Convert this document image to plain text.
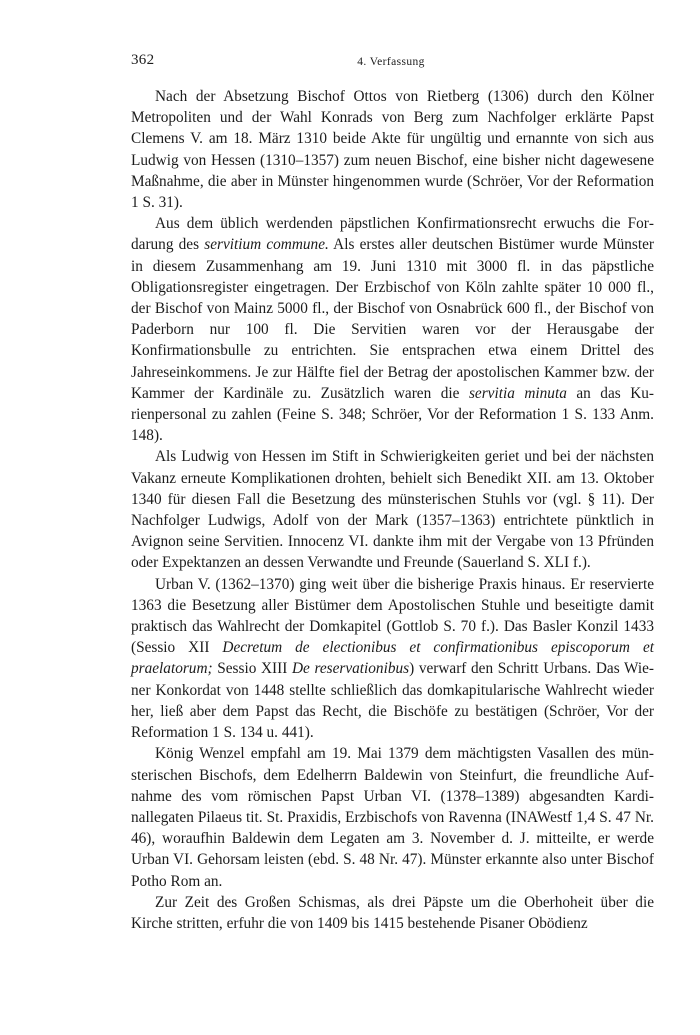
362	4. Verfassung

Nach der Absetzung Bischof Ottos von Rietberg (1306) durch den Kölner Metropoliten und der Wahl Konrads von Berg zum Nachfolger erklärte Papst Clemens V. am 18. März 1310 beide Akte für ungültig und ernannte von sich aus Ludwig von Hessen (1310–1357) zum neuen Bischof, eine bisher nicht dagewesene Maßnahme, die aber in Münster hingenommen wurde (Schröer, Vor der Reformation 1 S. 31).

Aus dem üblich werdenden päpstlichen Konfirmationsrecht erwuchs die Fordarung des servitium commune. Als erstes aller deutschen Bistümer wurde Münster in diesem Zusammenhang am 19. Juni 1310 mit 3000 fl. in das päpstliche Obligationsregister eingetragen. Der Erzbischof von Köln zahlte später 10 000 fl., der Bischof von Mainz 5000 fl., der Bischof von Osnabrück 600 fl., der Bischof von Paderborn nur 100 fl. Die Servitien waren vor der Herausgabe der Konfirmationsbulle zu entrichten. Sie entsprachen etwa einem Drittel des Jahreseinkommens. Je zur Hälfte fiel der Betrag der apostolischen Kammer bzw. der Kammer der Kardinäle zu. Zusätzlich waren die servitia minuta an das Kurienpersonal zu zahlen (Feine S. 348; Schröer, Vor der Reformation 1 S. 133 Anm. 148).

Als Ludwig von Hessen im Stift in Schwierigkeiten geriet und bei der nächsten Vakanz erneute Komplikationen drohten, behielt sich Benedikt XII. am 13. Oktober 1340 für diesen Fall die Besetzung des münsterischen Stuhls vor (vgl. § 11). Der Nachfolger Ludwigs, Adolf von der Mark (1357–1363) entrichtete pünktlich in Avignon seine Servitien. Innocenz VI. dankte ihm mit der Vergabe von 13 Pfründen oder Expektanzen an dessen Verwandte und Freunde (Sauerland S. XLI f.).

Urban V. (1362–1370) ging weit über die bisherige Praxis hinaus. Er reservierte 1363 die Besetzung aller Bistümer dem Apostolischen Stuhle und beseitigte damit praktisch das Wahlrecht der Domkapitel (Gottlob S. 70 f.). Das Basler Konzil 1433 (Sessio XII Decretum de electionibus et confirmationibus episcoporum et praelatorum; Sessio XIII De reservationibus) verwarf den Schritt Urbans. Das Wiener Konkordat von 1448 stellte schließlich das domkapitularische Wahlrecht wieder her, ließ aber dem Papst das Recht, die Bischöfe zu bestätigen (Schröer, Vor der Reformation 1 S. 134 u. 441).

König Wenzel empfahl am 19. Mai 1379 dem mächtigsten Vasallen des münsterischen Bischofs, dem Edelherrn Baldewin von Steinfurt, die freundliche Aufnahme des vom römischen Papst Urban VI. (1378–1389) abgesandten Kardinallegaten Pilaeus tit. St. Praxidis, Erzbischofs von Ravenna (INAWestf 1,4 S. 47 Nr. 46), woraufhin Baldewin dem Legaten am 3. November d. J. mitteilte, er werde Urban VI. Gehorsam leisten (ebd. S. 48 Nr. 47). Münster erkannte also unter Bischof Potho Rom an.

Zur Zeit des Großen Schismas, als drei Päpste um die Oberhoheit über die Kirche stritten, erfuhr die von 1409 bis 1415 bestehende Pisaner Obödienz
